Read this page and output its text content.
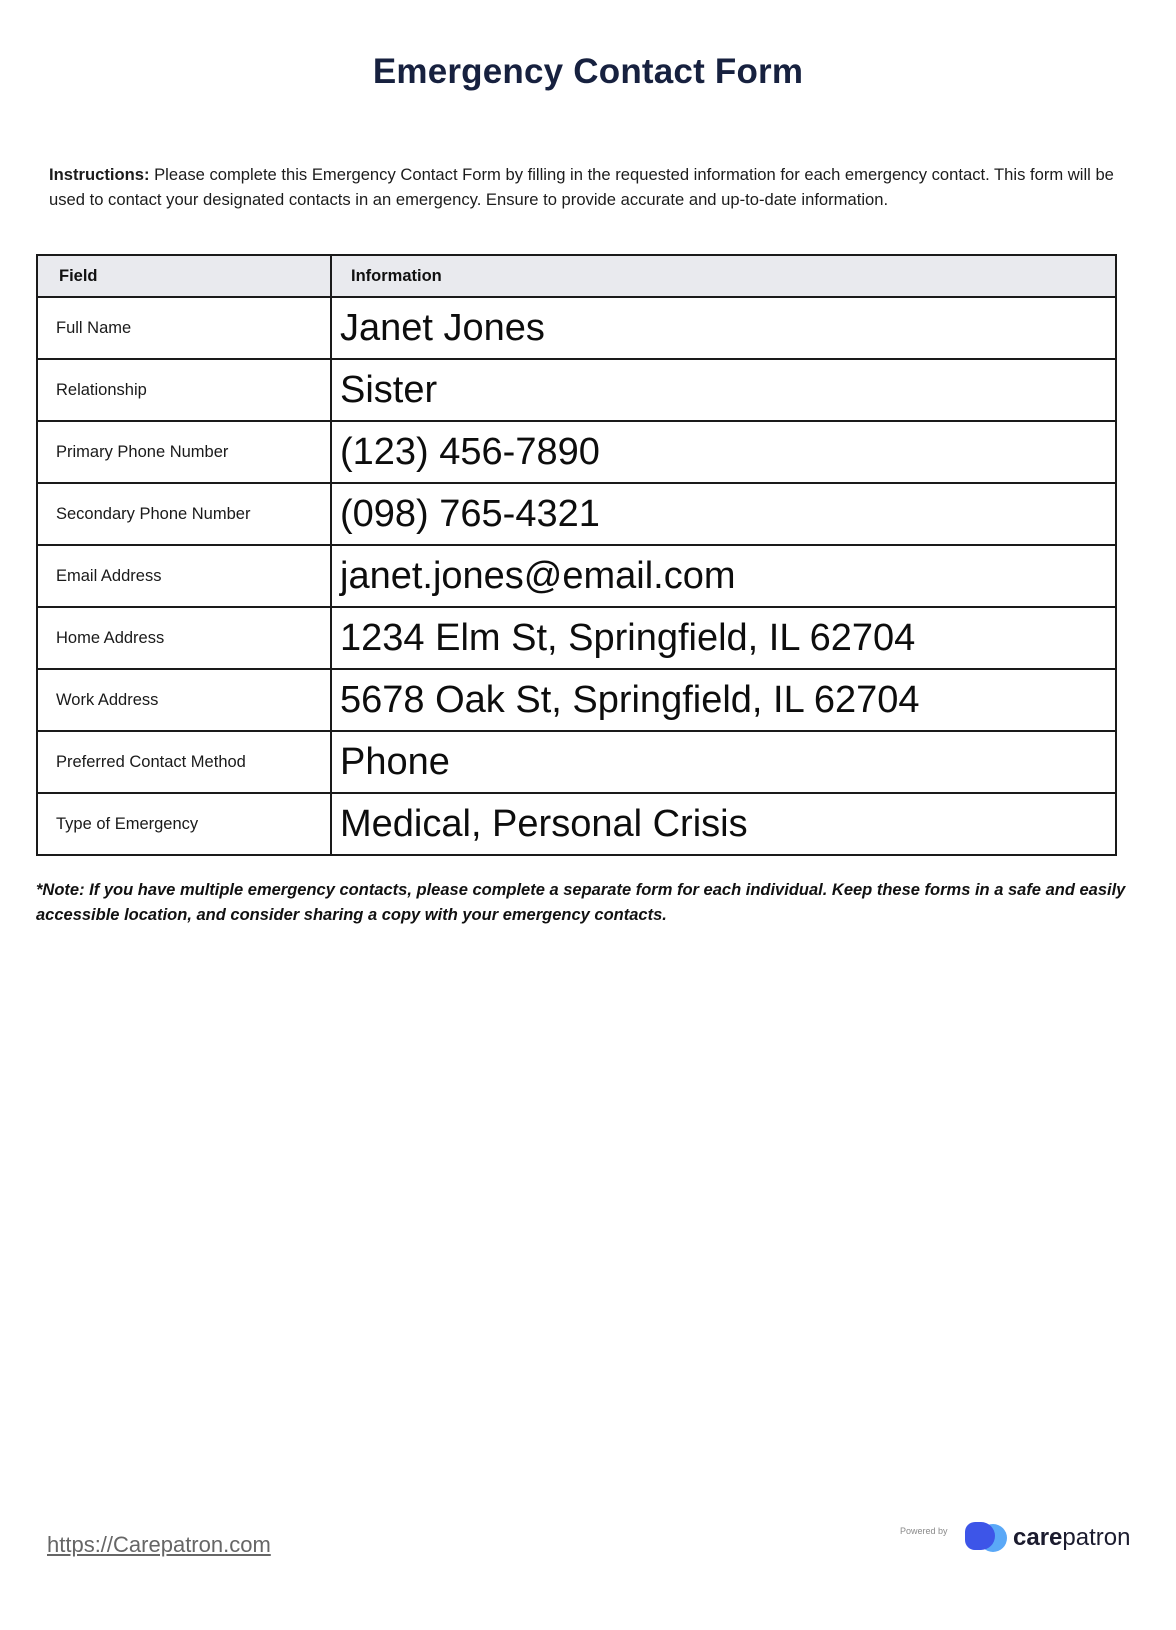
Emergency Contact Form
Instructions: Please complete this Emergency Contact Form by filling in the requested information for each emergency contact. This form will be used to contact your designated contacts in an emergency. Ensure to provide accurate and up-to-date information.
Field	Information
Full Name	Janet Jones
Relationship	Sister
Primary Phone Number	(123) 456-7890
Secondary Phone Number	(098) 765-4321
Email Address	janet.jones@email.com
Home Address	1234 Elm St, Springfield, IL 62704
Work Address	5678 Oak St, Springfield, IL 62704
Preferred Contact Method	Phone
Type of Emergency	Medical, Personal Crisis
*Note: If you have multiple emergency contacts, please complete a separate form for each individual. Keep these forms in a safe and easily accessible location, and consider sharing a copy with your emergency contacts.
https://Carepatron.com
Powered by	carepatron
